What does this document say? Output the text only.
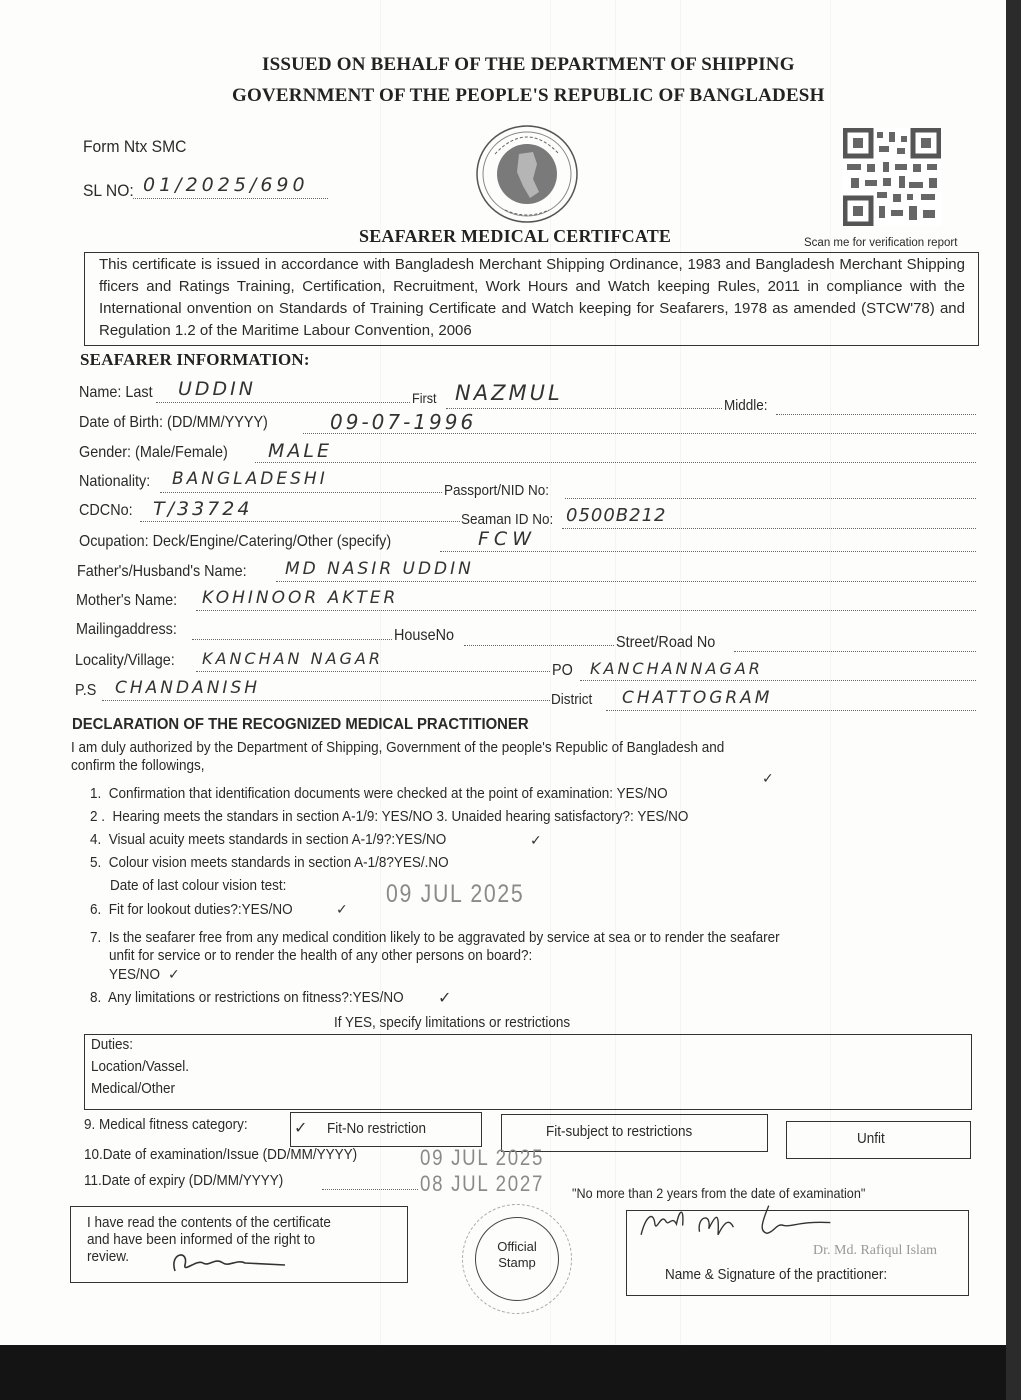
ISSUED ON BEHALF OF THE DEPARTMENT OF SHIPPING
GOVERNMENT OF THE PEOPLE'S REPUBLIC OF BANGLADESH
Form Ntx SMC
SL NO: 01/2025/690
Scan me for verification report
SEAFARER MEDICAL CERTIFCATE
This certificate is issued in accordance with Bangladesh Merchant Shipping Ordinance, 1983 and Bangladesh Merchant Shipping fficers and Ratings Training, Certification, Recruitment, Work Hours and Watch keeping Rules, 2011 in compliance with the International onvention on Standards of Training Certificate and Watch keeping for Seafarers, 1978 as amended (STCW'78) and Regulation 1.2 of the Maritime Labour Convention, 2006
SEAFARER INFORMATION:
Name: Last UDDIN	First NAZMUL
Middle:
Date of Birth: (DD/MM/YYYY)	09-07-1996
Gender: (Male/Female) MALE
Nationality: BANGLADESHI
Passport/NID No:
CDCNo: T/33724	Seaman ID No: 0500B212
Ocupation: Deck/Engine/Catering/Other (specify)	FCW
Father's/Husband's Name: MD NASIR UDDIN
Mother's Name: KOHINOOR AKTER
Mailingaddress:	HouseNo	Street/Road No
Locality/Village: KANCHAN NAGAR
PO KANCHANNAGAR
P.S CHANDANISH
District CHATTOGRAM
DECLARATION OF THE RECOGNIZED MEDICAL PRACTITIONER
I am duly authorized by the Department of Shipping, Government of the people's Republic of Bangladesh and
confirm the followings,
1. Confirmation that identification documents were checked at the point of examination: YES/NO
✓
2 . Hearing meets the standars in section A-1/9: YES/NO 3. Unaided hearing satisfactory?: YES/NO
4. Visual acuity meets standards in section A-1/9?:YES/NO	✓
5. Colour vision meets standards in section A-1/8?YES/.NO
Date of last colour vision test:	09 JUL 2025
6. Fit for lookout duties?:YES/NO	✓
7. Is the seafarer free from any medical condition likely to be aggravated by service at sea or to render the seafarer
unfit for service or to render the health of any other persons on board?:
YES/NO ✓
8. Any limitations or restrictions on fitness?:YES/NO ✓
If YES, specify limitations or restrictions
Duties:
Location/Vassel.
Medical/Other
9. Medical fitness category:	✓ Fit-No restriction	Fit-subject to restrictions	Unfit
10.Date of examination/Issue (DD/MM/YYYY)	09 JUL 2025
11.Date of expiry (DD/MM/YYYY)	08 JUL 2027 "No more than 2 years from the date of examination"
I have read the contents of the certificate
and have been informed of the right to
review.
Official
Stamp
Dr. Md. Rafiqul Islam
Name & Signature of the practitioner:
